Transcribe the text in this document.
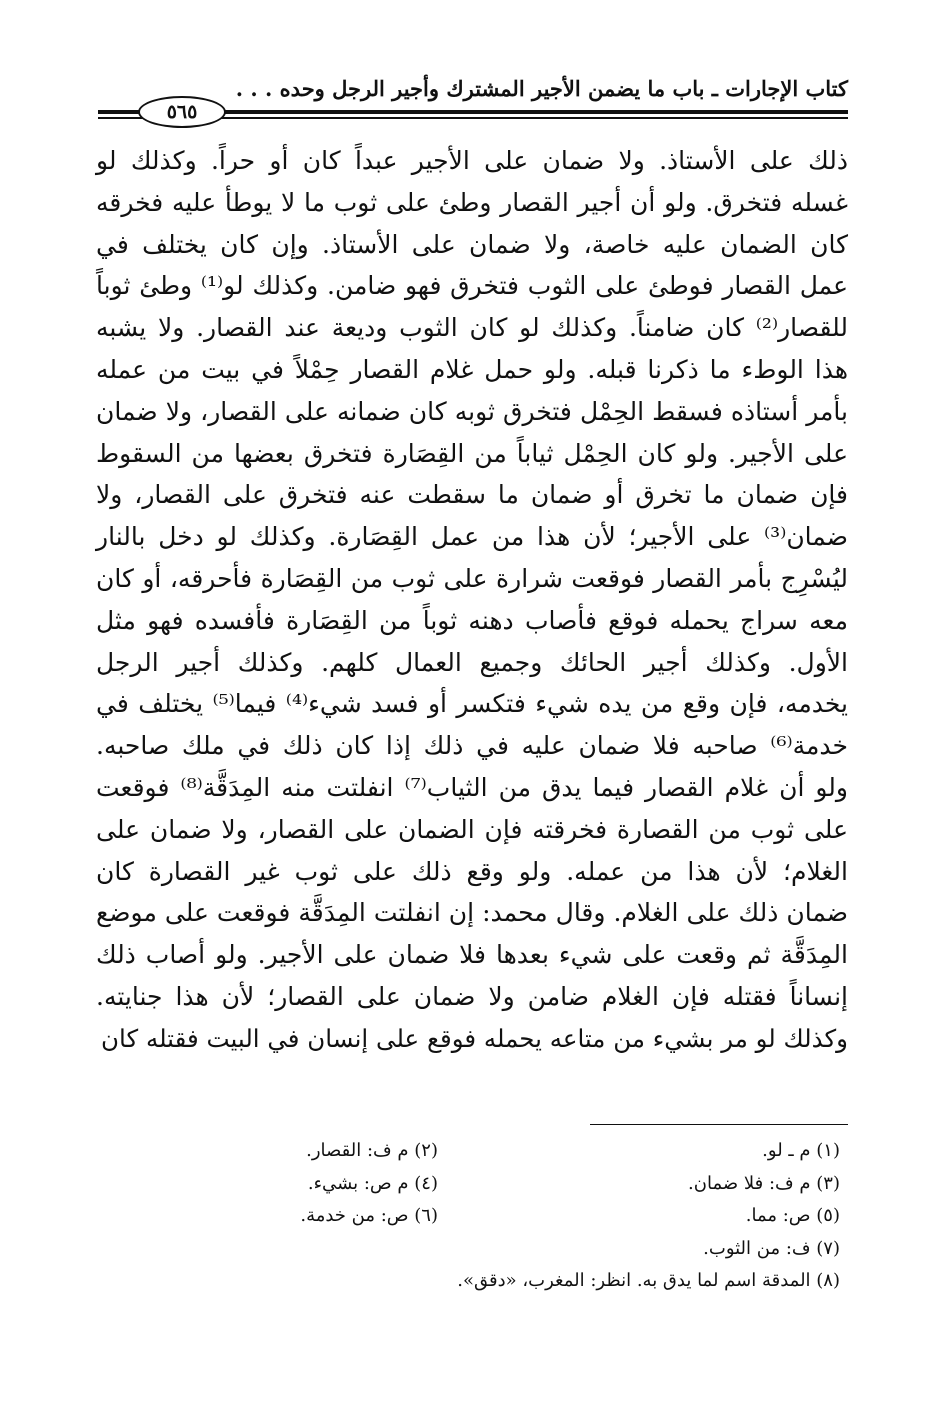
كتاب الإجارات ـ باب ما يضمن الأجير المشترك وأجير الرجل وحده . . .
٥٦٥
ذلك على الأستاذ. ولا ضمان على الأجير عبداً كان أو حراً. وكذلك لو
غسله فتخرق. ولو أن أجير القصار وطئ على ثوب ما لا يوطأ عليه فخرقه
كان الضمان عليه خاصة، ولا ضمان على الأستاذ. وإن كان يختلف في
عمل القصار فوطئ على الثوب فتخرق فهو ضامن. وكذلك لو⁽¹⁾ وطئ ثوباً
للقصار⁽²⁾ كان ضامناً. وكذلك لو كان الثوب وديعة عند القصار. ولا يشبه
هذا الوطء ما ذكرنا قبله. ولو حمل غلام القصار حِمْلاً في بيت من عمله
بأمر أستاذه فسقط الحِمْل فتخرق ثوبه كان ضمانه على القصار، ولا ضمان
على الأجير. ولو كان الحِمْل ثياباً من القِصَارة فتخرق بعضها من السقوط
فإن ضمان ما تخرق أو ضمان ما سقطت عنه فتخرق على القصار، ولا
ضمان⁽³⁾ على الأجير؛ لأن هذا من عمل القِصَارة. وكذلك لو دخل بالنار
ليُسْرِج بأمر القصار فوقعت شرارة على ثوب من القِصَارة فأحرقه، أو كان
معه سراج يحمله فوقع فأصاب دهنه ثوباً من القِصَارة فأفسده فهو مثل
الأول. وكذلك أجير الحائك وجميع العمال كلهم. وكذلك أجير الرجل
يخدمه، فإن وقع من يده شيء فتكسر أو فسد شيء⁽⁴⁾ فيما⁽⁵⁾ يختلف في
خدمة⁽⁶⁾ صاحبه فلا ضمان عليه في ذلك إذا كان ذلك في ملك صاحبه.
ولو أن غلام القصار فيما يدق من الثياب⁽⁷⁾ انفلتت منه المِدَقَّة⁽⁸⁾ فوقعت
على ثوب من القصارة فخرقته فإن الضمان على القصار، ولا ضمان على
الغلام؛ لأن هذا من عمله. ولو وقع ذلك على ثوب غير القصارة كان
ضمان ذلك على الغلام. وقال محمد: إن انفلتت المِدَقَّة فوقعت على موضع
المِدَقَّة ثم وقعت على شيء بعدها فلا ضمان على الأجير. ولو أصاب ذلك
إنساناً فقتله فإن الغلام ضامن ولا ضمان على القصار؛ لأن هذا جنايته.
وكذلك لو مر بشيء من متاعه يحمله فوقع على إنسان في البيت فقتله كان
(١) م ـ لو.
(٢) م ف: القصار.
(٣) م ف: فلا ضمان.
(٤) م ص: بشيء.
(٥) ص: مما.
(٦) ص: من خدمة.
(٧) ف: من الثوب.
(٨) المدقة اسم لما يدق به. انظر: المغرب، «دقق».
